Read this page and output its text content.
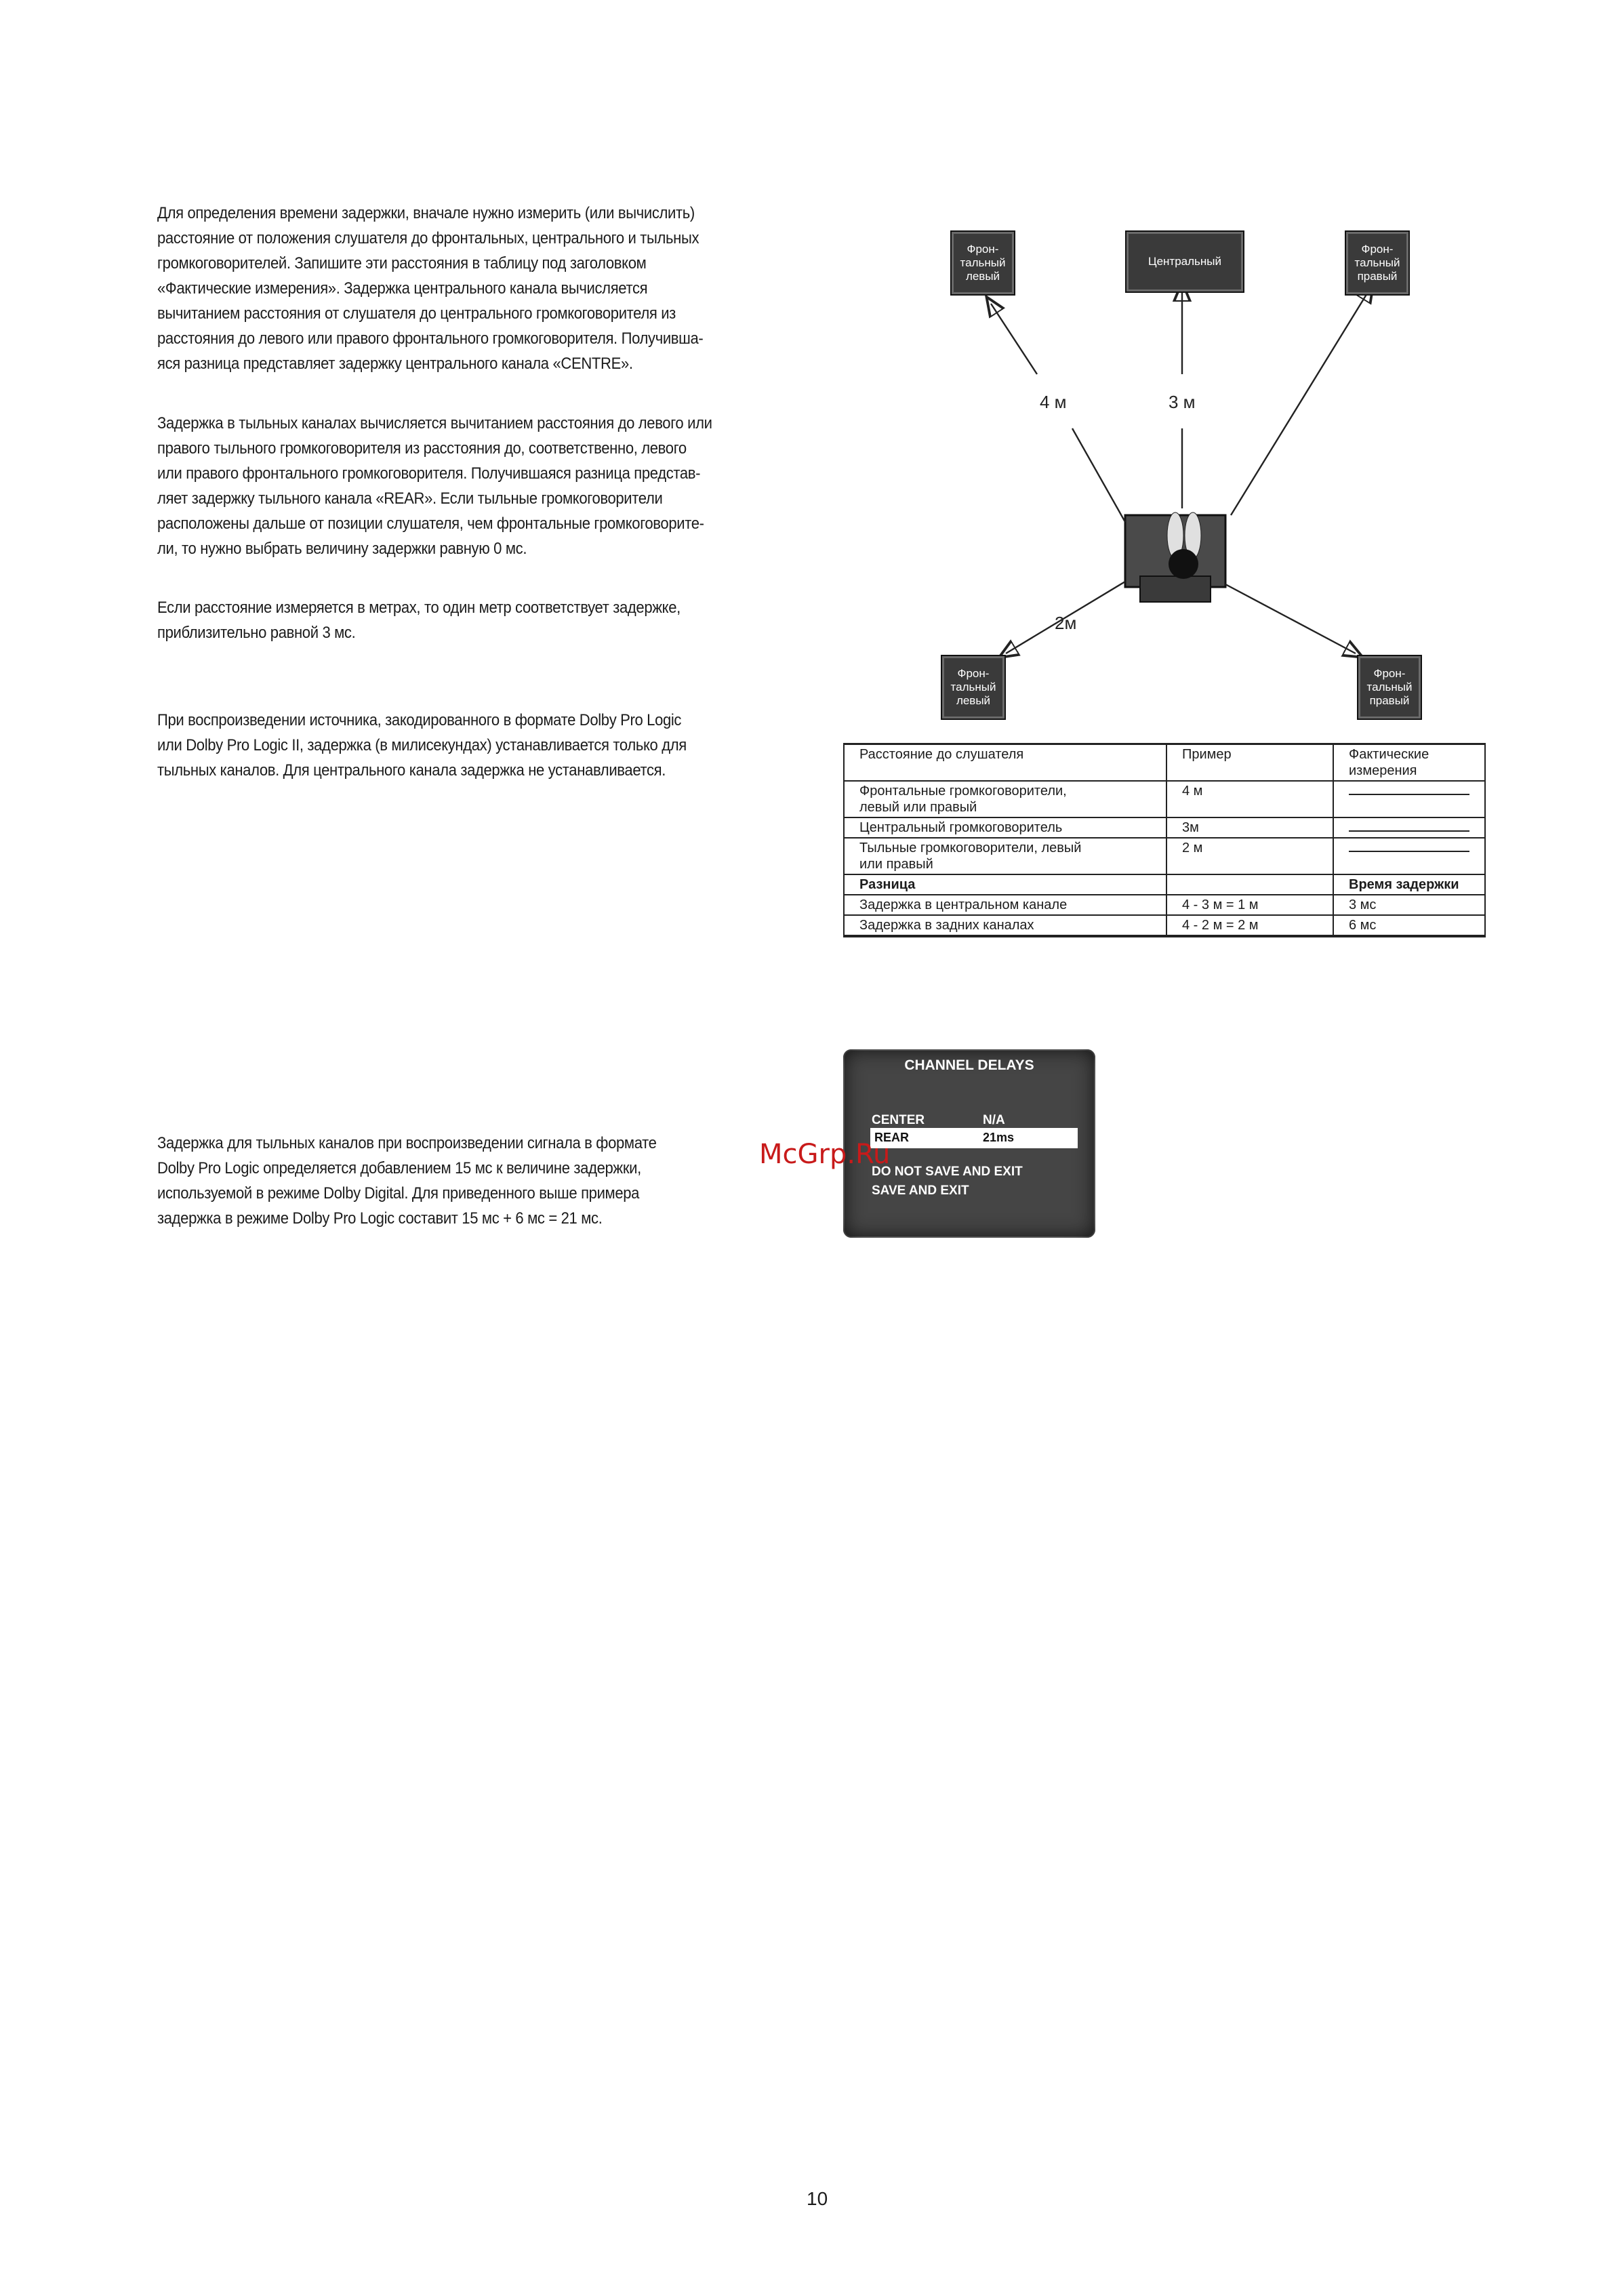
Для определения времени задержки, вначале нужно измерить (или вычислить)
расстояние от положения слушателя до фронтальных, центрального и тыльных
громкоговорителей. Запишите эти расстояния в таблицу под заголовком
«Фактические измерения». Задержка центрального канала вычисляется
вычитанием расстояния от слушателя до центрального громкоговорителя из
расстояния до левого или правого фронтального громкоговорителя. Получивша-
яся разница представляет задержку центрального канала «CENTRE».
Задержка в тыльных каналах вычисляется вычитанием расстояния до левого или
правого тыльного громкоговорителя из расстояния до, соответственно, левого
или правого фронтального громкоговорителя. Получившаяся разница представ-
ляет задержку тыльного канала «REAR». Если тыльные громкоговорители
расположены дальше от позиции слушателя, чем фронтальные громкоговорите-
ли, то нужно выбрать величину задержки равную 0 мс.
Если расстояние измеряется в метрах, то один метр соответствует задержке,
приблизительно равной 3 мс.
При воспроизведении источника, закодированного в формате Dolby Pro Logic
или Dolby Pro Logic II, задержка (в милисекундах) устанавливается только для
тыльных каналов. Для центрального канала задержка не устанавливается.
Задержка для тыльных каналов при воспроизведении сигнала в формате
Dolby Pro Logic определяется добавлением 15 мс к величине задержки,
используемой в режиме Dolby Digital. Для приведенного выше примера
задержка в режиме Dolby Pro Logic составит 15 мс + 6 мс = 21 мс.
Фрон-
тальный
левый
Центральный
Фрон-
тальный
правый
Фрон-
тальный
левый
Фрон-
тальный
правый
4 м	3 м
2м
Расстояние до слушателя	Пример	Фактические
измерения
Фронтальные громкоговорители,
левый или правый	4 м	
Центральный громкоговоритель	3м	
Тыльные громкоговорители, левый
или правый	2 м	
Разница		Время задержки
Задержка в центральном канале	4 - 3 м = 1 м	3 мс
Задержка в задних каналах	4 - 2 м = 2 м	6 мс
CHANNEL DELAYS
CENTER	N/A
REAR	21ms
DO NOT SAVE AND EXIT
SAVE AND EXIT
McGrp.Ru
10
